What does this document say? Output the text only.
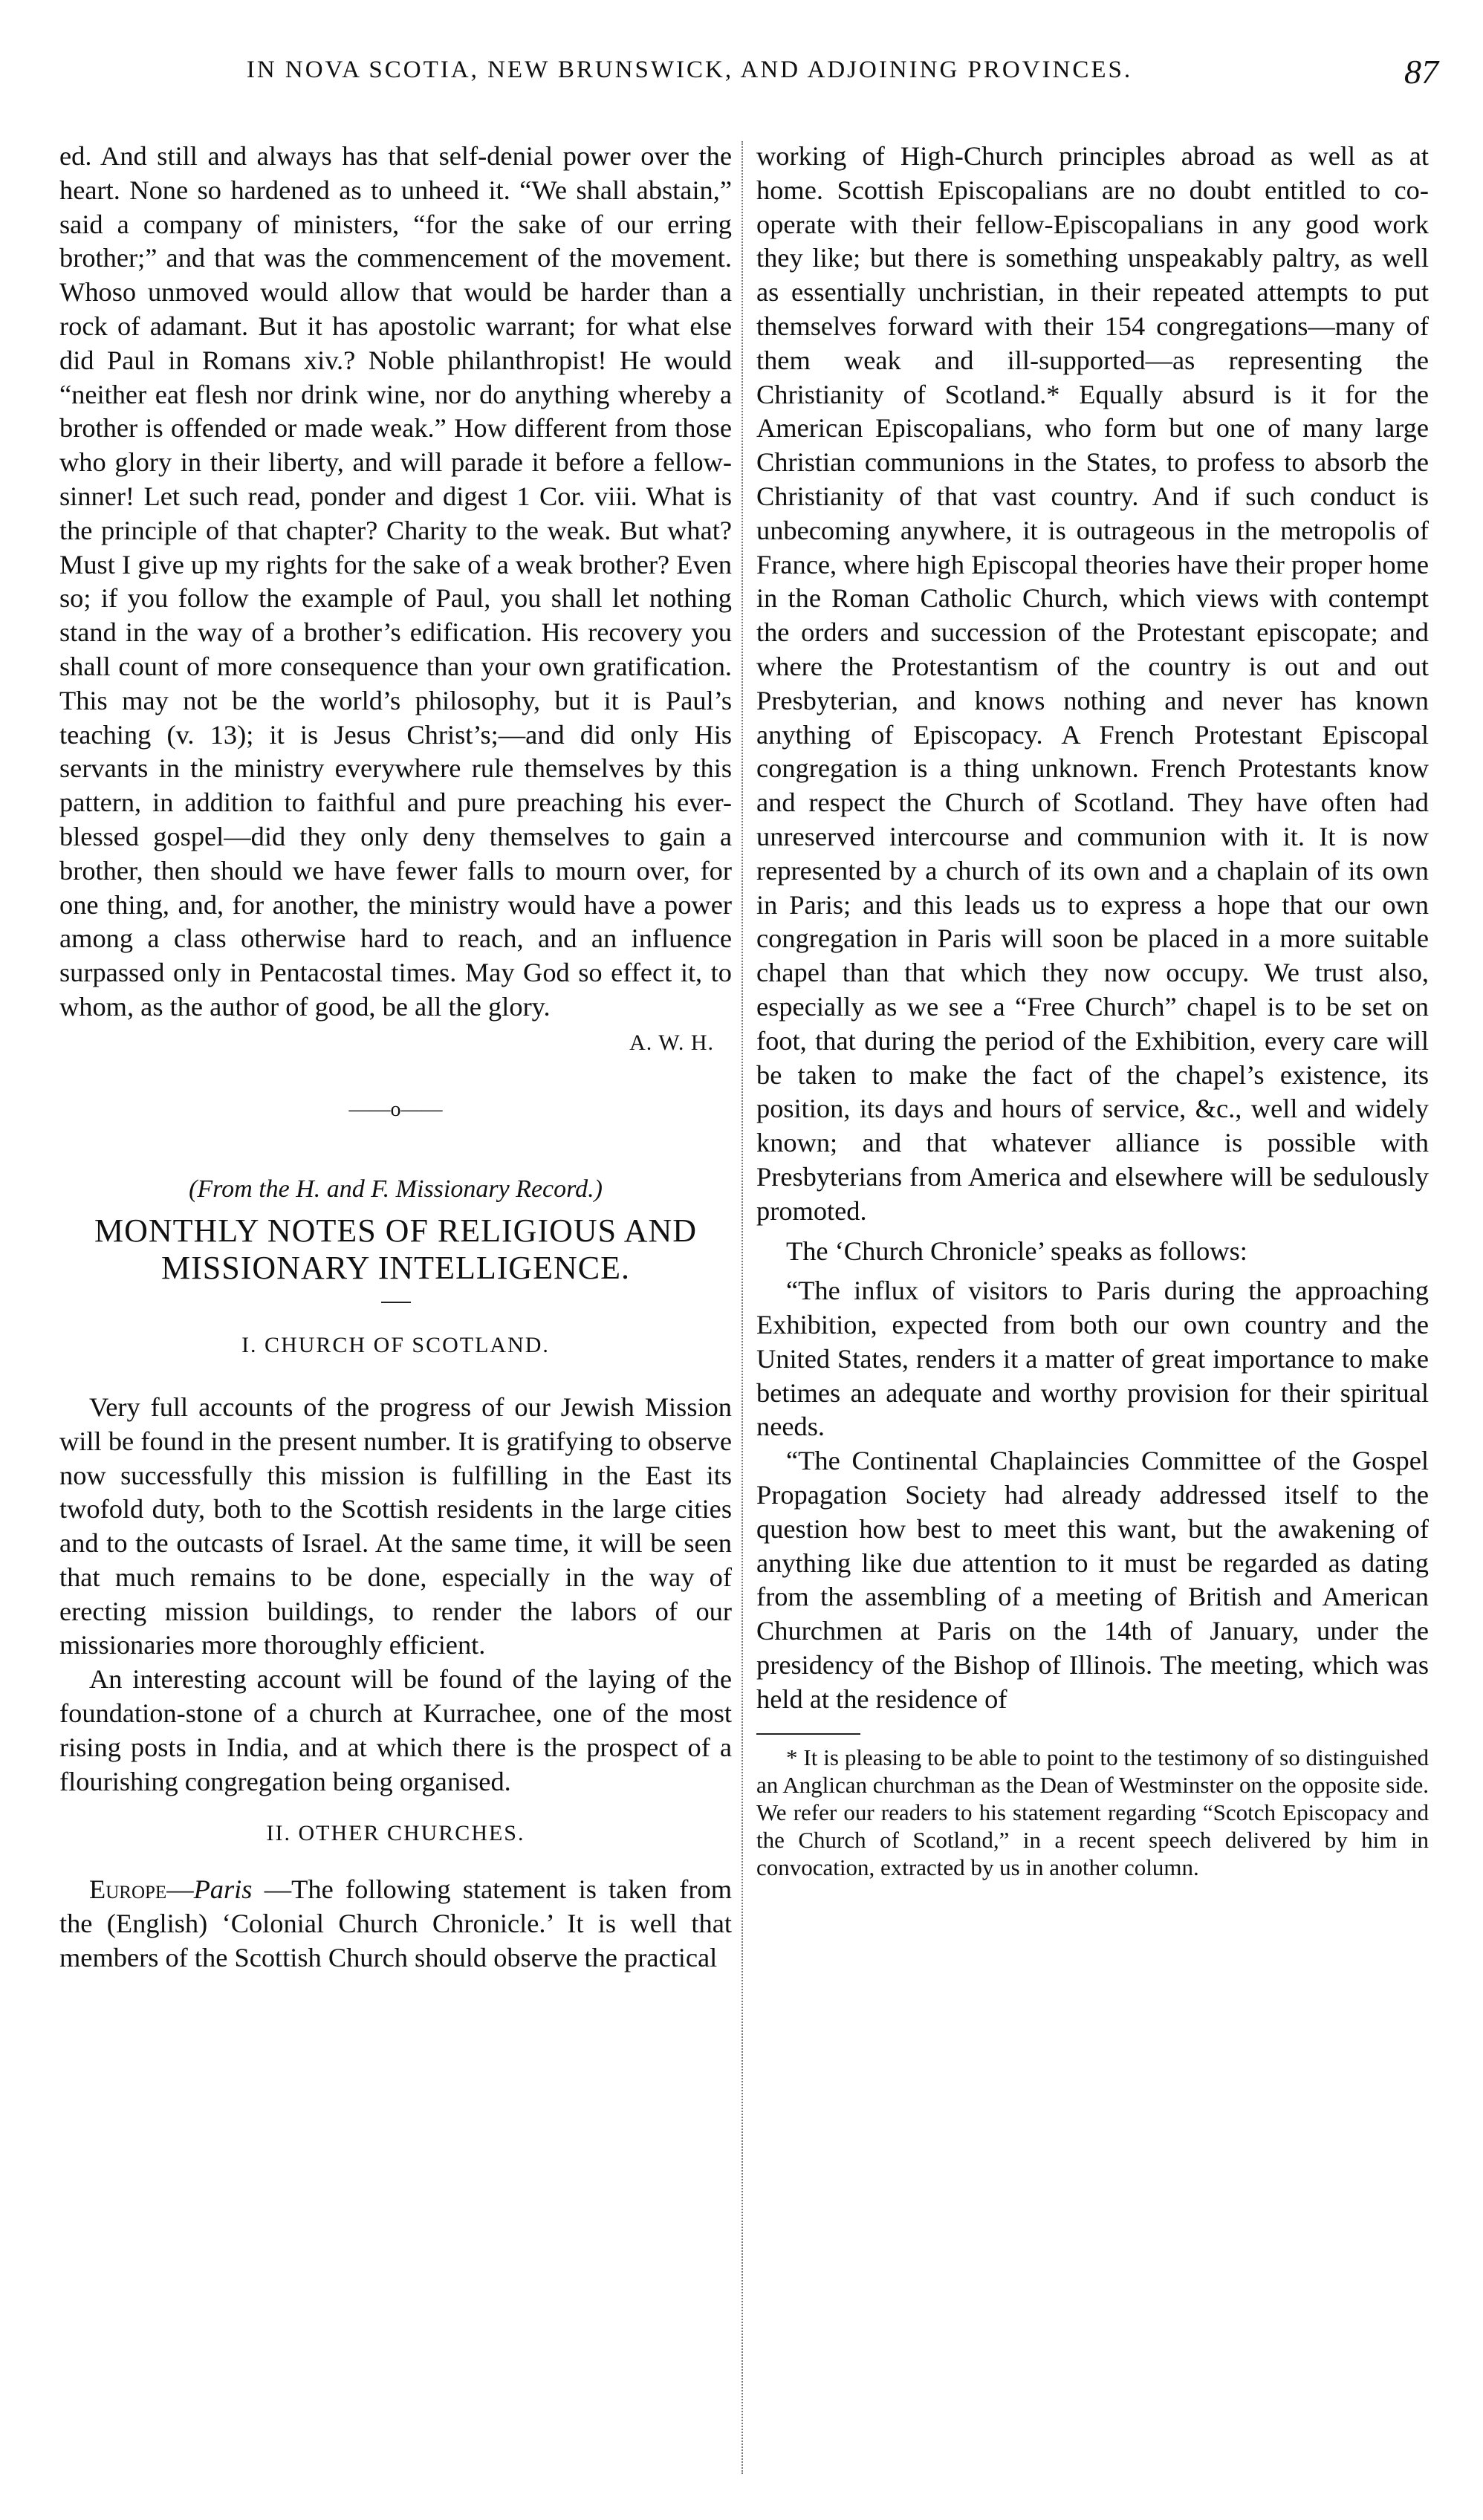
IN NOVA SCOTIA, NEW BRUNSWICK, AND ADJOINING PROVINCES.	87

ed. And still and always has that self-denial power over the heart. None so hardened as to unheed it. “We shall abstain,” said a company of ministers, “for the sake of our erring brother;” and that was the commencement of the movement. Whoso unmoved would allow that would be harder than a rock of adamant. But it has apostolic warrant; for what else did Paul in Romans xiv.? Noble philanthropist! He would “neither eat flesh nor drink wine, nor do anything whereby a brother is offended or made weak.” How different from those who glory in their liberty, and will parade it before a fellow-sinner! Let such read, ponder and digest 1 Cor. viii. What is the principle of that chapter? Charity to the weak. But what? Must I give up my rights for the sake of a weak brother? Even so; if you follow the example of Paul, you shall let nothing stand in the way of a brother’s edification. His recovery you shall count of more consequence than your own gratification. This may not be the world’s philosophy, but it is Paul’s teaching (v. 13); it is Jesus Christ’s;—and did only His servants in the ministry everywhere rule themselves by this pattern, in addition to faithful and pure preaching his ever-blessed gospel—did they only deny themselves to gain a brother, then should we have fewer falls to mourn over, for one thing, and, for another, the ministry would have a power among a class otherwise hard to reach, and an influence surpassed only in Pentacostal times. May God so effect it, to whom, as the author of good, be all the glory.

A. W. H.
——o——
(From the H. and F. Missionary Record.)
MONTHLY NOTES OF RELIGIOUS AND MISSIONARY INTELLIGENCE.
I. CHURCH OF SCOTLAND.

Very full accounts of the progress of our Jewish Mission will be found in the present number. It is gratifying to observe now successfully this mission is fulfilling in the East its twofold duty, both to the Scottish residents in the large cities and to the outcasts of Israel. At the same time, it will be seen that much remains to be done, especially in the way of erecting mission buildings, to render the labors of our missionaries more thoroughly efficient.

An interesting account will be found of the laying of the foundation-stone of a church at Kurrachee, one of the most rising posts in India, and at which there is the prospect of a flourishing congregation being organised.

II. OTHER CHURCHES.

Europe—Paris —The following statement is taken from the (English) ‘Colonial Church Chronicle.’ It is well that members of the Scottish Church should observe the practical

working of High-Church principles abroad as well as at home. Scottish Episcopalians are no doubt entitled to co-operate with their fellow-Episcopalians in any good work they like; but there is something unspeakably paltry, as well as essentially unchristian, in their repeated attempts to put themselves forward with their 154 congregations—many of them weak and ill-supported—as representing the Christianity of Scotland.* Equally absurd is it for the American Episcopalians, who form but one of many large Christian communions in the States, to profess to absorb the Christianity of that vast country. And if such conduct is unbecoming anywhere, it is outrageous in the metropolis of France, where high Episcopal theories have their proper home in the Roman Catholic Church, which views with contempt the orders and succession of the Protestant episcopate; and where the Protestantism of the country is out and out Presbyterian, and knows nothing and never has known anything of Episcopacy. A French Protestant Episcopal congregation is a thing unknown. French Protestants know and respect the Church of Scotland. They have often had unreserved intercourse and communion with it. It is now represented by a church of its own and a chaplain of its own in Paris; and this leads us to express a hope that our own congregation in Paris will soon be placed in a more suitable chapel than that which they now occupy. We trust also, especially as we see a “Free Church” chapel is to be set on foot, that during the period of the Exhibition, every care will be taken to make the fact of the chapel’s existence, its position, its days and hours of service, &c., well and widely known; and that whatever alliance is possible with Presbyterians from America and elsewhere will be sedulously promoted.

The ‘Church Chronicle’ speaks as follows:

“The influx of visitors to Paris during the approaching Exhibition, expected from both our own country and the United States, renders it a matter of great importance to make betimes an adequate and worthy provision for their spiritual needs.

“The Continental Chaplaincies Committee of the Gospel Propagation Society had already addressed itself to the question how best to meet this want, but the awakening of anything like due attention to it must be regarded as dating from the assembling of a meeting of British and American Churchmen at Paris on the 14th of January, under the presidency of the Bishop of Illinois. The meeting, which was held at the residence of

* It is pleasing to be able to point to the testimony of so distinguished an Anglican churchman as the Dean of Westminster on the opposite side. We refer our readers to his statement regarding “Scotch Episcopacy and the Church of Scotland,” in a recent speech delivered by him in convocation, extracted by us in another column.
